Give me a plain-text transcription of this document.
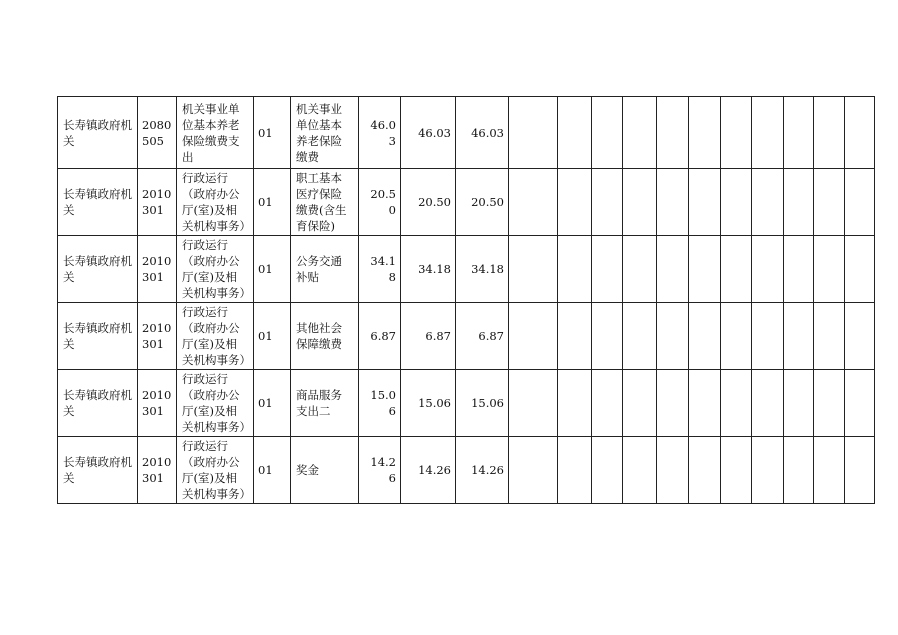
长寿镇政府机关	2080505	机关事业单位基本养老保险缴费支出	01	机关事业单位基本养老保险缴费	46.03	46.03	46.03											
长寿镇政府机关	2010301	行政运行（政府办公厅(室)及相关机构事务）	01	职工基本医疗保险缴费(含生育保险)	20.50	20.50	20.50											
长寿镇政府机关	2010301	行政运行（政府办公厅(室)及相关机构事务）	01	公务交通补贴	34.18	34.18	34.18											
长寿镇政府机关	2010301	行政运行（政府办公厅(室)及相关机构事务）	01	其他社会保障缴费	6.87	6.87	6.87											
长寿镇政府机关	2010301	行政运行（政府办公厅(室)及相关机构事务）	01	商品服务支出二	15.06	15.06	15.06											
长寿镇政府机关	2010301	行政运行（政府办公厅(室)及相关机构事务）	01	奖金	14.26	14.26	14.26											
